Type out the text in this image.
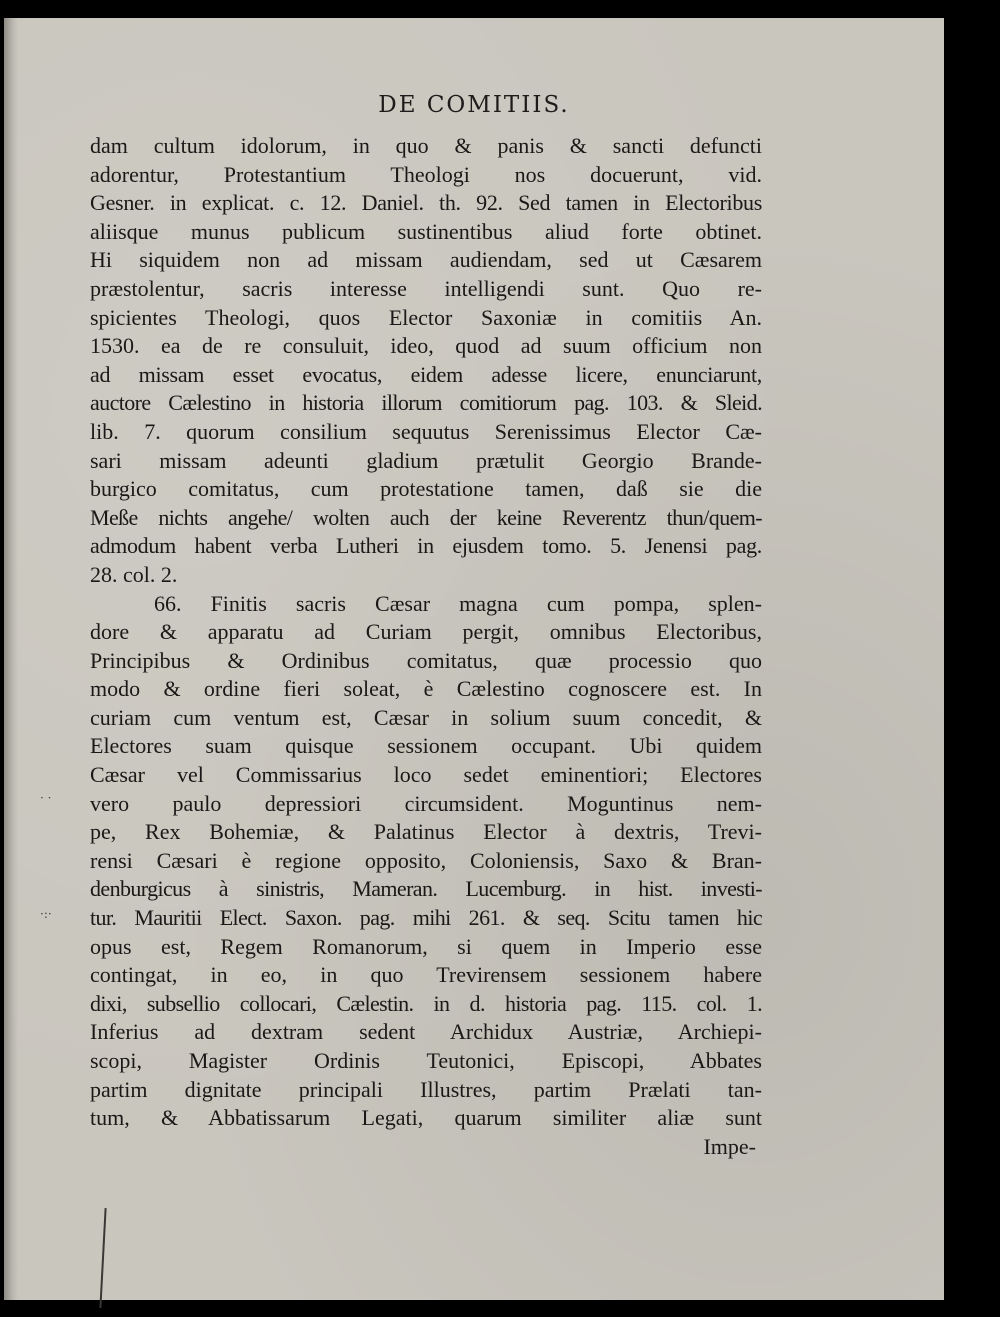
· ·
·:·
DE COMITIIS.
dam cultum idolorum, in quo & panis & sancti defuncti
adorentur, Protestantium Theologi nos docuerunt, vid.
Gesner. in explicat. c. 12. Daniel. th. 92. Sed tamen in Electoribus
aliisque munus publicum sustinentibus aliud forte obtinet.
Hi siquidem non ad missam audiendam, sed ut Cæsarem
præstolentur, sacris interesse intelligendi sunt. Quo re-
spicientes Theologi, quos Elector Saxoniæ in comitiis An.
1530. ea de re consuluit, ideo, quod ad suum officium non
ad missam esset evocatus, eidem adesse licere, enunciarunt,
auctore Cælestino in historia illorum comitiorum pag. 103. & Sleid.
lib. 7. quorum consilium sequutus Serenissimus Elector Cæ-
sari missam adeunti gladium prætulit Georgio Brande-
burgico comitatus, cum protestatione tamen, daß sie die
Meße nichts angehe/ wolten auch der keine Reverentz thun/quem-
admodum habent verba Lutheri in ejusdem tomo. 5. Jenensi pag.
28. col. 2.
66. Finitis sacris Cæsar magna cum pompa, splen-
dore & apparatu ad Curiam pergit, omnibus Electoribus,
Principibus & Ordinibus comitatus, quæ processio quo
modo & ordine fieri soleat, è Cælestino cognoscere est. In
curiam cum ventum est, Cæsar in solium suum concedit, &
Electores suam quisque sessionem occupant. Ubi quidem
Cæsar vel Commissarius loco sedet eminentiori; Electores
vero paulo depressiori circumsident. Moguntinus nem-
pe, Rex Bohemiæ, & Palatinus Elector à dextris, Trevi-
rensi Cæsari è regione opposito, Coloniensis, Saxo & Bran-
denburgicus à sinistris, Mameran. Lucemburg. in hist. investi-
tur. Mauritii Elect. Saxon. pag. mihi 261. & seq. Scitu tamen hic
opus est, Regem Romanorum, si quem in Imperio esse
contingat, in eo, in quo Trevirensem sessionem habere
dixi, subsellio collocari, Cælestin. in d. historia pag. 115. col. 1.
Inferius ad dextram sedent Archidux Austriæ, Archiepi-
scopi, Magister Ordinis Teutonici, Episcopi, Abbates
partim dignitate principali Illustres, partim Prælati tan-
tum, & Abbatissarum Legati, quarum similiter aliæ sunt
Impe-
